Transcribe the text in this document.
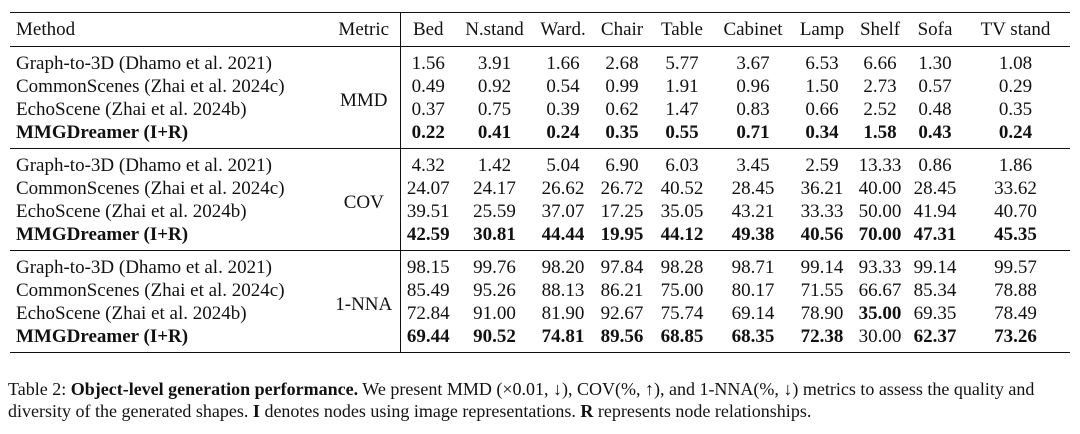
Method	Metric	Bed	N.stand	Ward.	Chair	Table	Cabinet	Lamp	Shelf	Sofa	TV stand
Graph-to-3D (Dhamo et al. 2021)	MMD	1.56	3.91	1.66	2.68	5.77	3.67	6.53	6.66	1.30	1.08
CommonScenes (Zhai et al. 2024c)		0.49	0.92	0.54	0.99	1.91	0.96	1.50	2.73	0.57	0.29
EchoScene (Zhai et al. 2024b)		0.37	0.75	0.39	0.62	1.47	0.83	0.66	2.52	0.48	0.35
MMGDreamer (I+R)		0.22	0.41	0.24	0.35	0.55	0.71	0.34	1.58	0.43	0.24
Graph-to-3D (Dhamo et al. 2021)	COV	4.32	1.42	5.04	6.90	6.03	3.45	2.59	13.33	0.86	1.86
CommonScenes (Zhai et al. 2024c)		24.07	24.17	26.62	26.72	40.52	28.45	36.21	40.00	28.45	33.62
EchoScene (Zhai et al. 2024b)		39.51	25.59	37.07	17.25	35.05	43.21	33.33	50.00	41.94	40.70
MMGDreamer (I+R)		42.59	30.81	44.44	19.95	44.12	49.38	40.56	70.00	47.31	45.35
Graph-to-3D (Dhamo et al. 2021)	1-NNA	98.15	99.76	98.20	97.84	98.28	98.71	99.14	93.33	99.14	99.57
CommonScenes (Zhai et al. 2024c)		85.49	95.26	88.13	86.21	75.00	80.17	71.55	66.67	85.34	78.88
EchoScene (Zhai et al. 2024b)		72.84	91.00	81.90	92.67	75.74	69.14	78.90	35.00	69.35	78.49
MMGDreamer (I+R)		69.44	90.52	74.81	89.56	68.85	68.35	72.38	30.00	62.37	73.26
Table 2: Object-level generation performance. We present MMD (×0.01, ↓), COV(%, ↑), and 1-NNA(%, ↓) metrics to assess the quality and diversity of the generated shapes. I denotes nodes using image representations. R represents node relationships.
